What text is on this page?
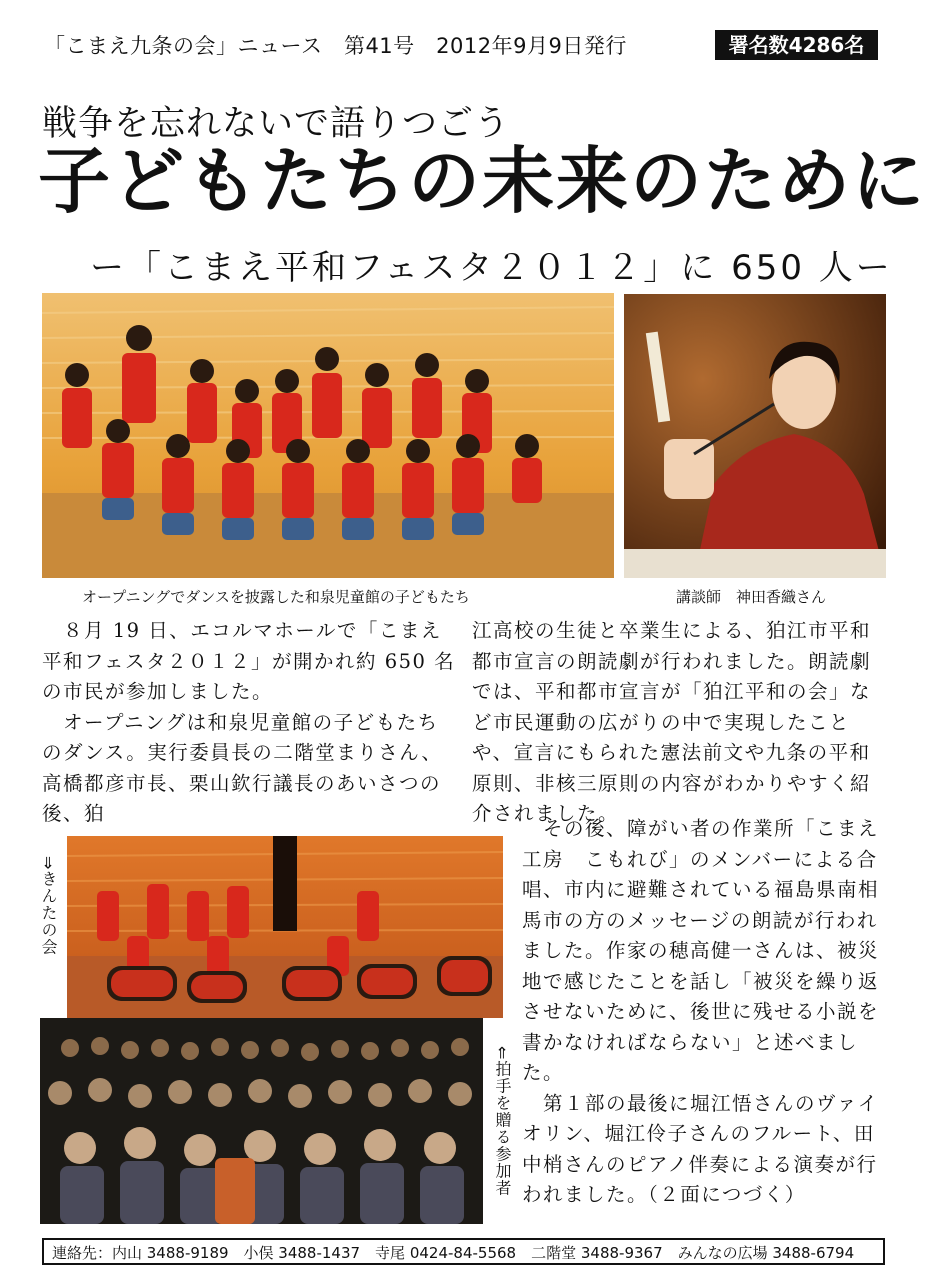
「こまえ九条の会」ニュース　第41号　2012年9月9日発行	署名数4286名
戦争を忘れないで語りつごう
子どもたちの未来のために
ー「こまえ平和フェスタ２０１２」に 650 人ー
オープニングでダンスを披露した和泉児童館の子どもたち	講談師　神田香織さん

　８月 19 日、エコルマホールで「こまえ平和フェスタ２０１２」が開かれ約 650 名の市民が参加しました。

　オープニングは和泉児童館の子どもたちのダンス。実行委員長の二階堂まりさん、高橋都彦市長、栗山欽行議長のあいさつの後、狛

江高校の生徒と卒業生による、狛江市平和都市宣言の朗読劇が行われました。朗読劇では、平和都市宣言が「狛江平和の会」など市民運動の広がりの中で実現したことや、宣言にもられた憲法前文や九条の平和原則、非核三原則の内容がわかりやすく紹介されました。

⇒きんたの会
⇐拍手を贈る参加者

　その後、障がい者の作業所「こまえ工房　こもれび」のメンバーによる合唱、市内に避難されている福島県南相馬市の方のメッセージの朗読が行われました。作家の穂高健一さんは、被災地で感じたことを話し「被災を繰り返させないために、後世に残せる小説を書かなければならない」と述べました。

　第１部の最後に堀江悟さんのヴァイオリン、堀江伶子さんのフルート、田中梢さんのピアノ伴奏による演奏が行われました。（２面につづく）

連絡先：内山 3488-9189　小俣 3488-1437　寺尾 0424-84-5568　二階堂 3488-9367　みんなの広場 3488-6794
